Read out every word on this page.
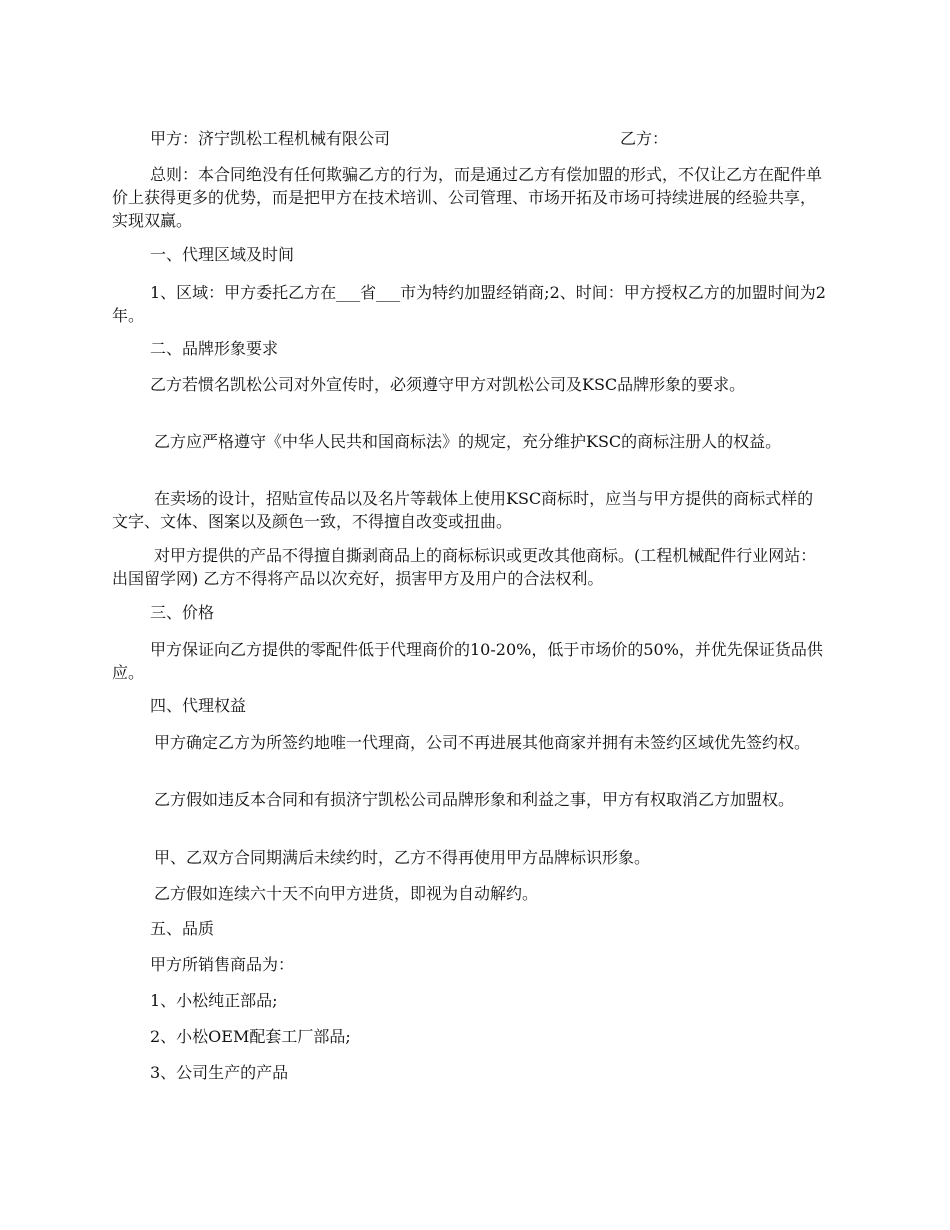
甲方：济宁凯松工程机械有限公司	乙方：

总则：本合同绝没有任何欺骗乙方的行为，而是通过乙方有偿加盟的形式，不仅让乙方在配件单价上获得更多的优势，而是把甲方在技术培训、公司管理、市场开拓及市场可持续进展的经验共享，实现双赢。

一、代理区域及时间

1、区域：甲方委托乙方在___省___市为特约加盟经销商;2、时间：甲方授权乙方的加盟时间为2年。

二、品牌形象要求

乙方若惯名凯松公司对外宣传时，必须遵守甲方对凯松公司及KSC品牌形象的要求。

乙方应严格遵守《中华人民共和国商标法》的规定，充分维护KSC的商标注册人的权益。

在卖场的设计，招贴宣传品以及名片等载体上使用KSC商标时，应当与甲方提供的商标式样的文字、文体、图案以及颜色一致，不得擅自改变或扭曲。

对甲方提供的产品不得擅自撕剥商品上的商标标识或更改其他商标。(工程机械配件行业网站：出国留学网) 乙方不得将产品以次充好，损害甲方及用户的合法权利。

三、价格

甲方保证向乙方提供的零配件低于代理商价的10-20%，低于市场价的50%，并优先保证货品供应。

四、代理权益

甲方确定乙方为所签约地唯一代理商，公司不再进展其他商家并拥有未签约区域优先签约权。

乙方假如违反本合同和有损济宁凯松公司品牌形象和利益之事，甲方有权取消乙方加盟权。

甲、乙双方合同期满后未续约时，乙方不得再使用甲方品牌标识形象。

乙方假如连续六十天不向甲方进货，即视为自动解约。

五、品质

甲方所销售商品为：

1、小松纯正部品;

2、小松OEM配套工厂部品;

3、公司生产的产品
